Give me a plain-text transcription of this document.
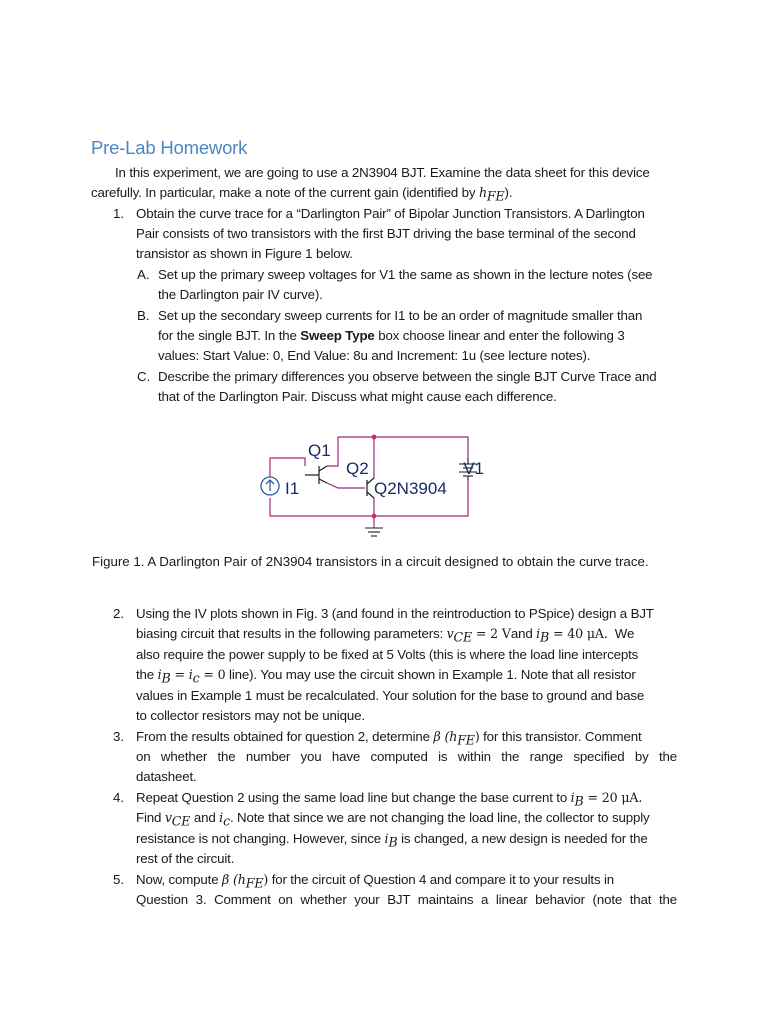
Pre-Lab Homework
In this experiment, we are going to use a 2N3904 BJT. Examine the data sheet for this device
carefully. In particular, make a note of the current gain (identified by $h_{FE}$).
1. Obtain the curve trace for a “Darlington Pair” of Bipolar Junction Transistors. A Darlington
Pair consists of two transistors with the first BJT driving the base terminal of the second
transistor as shown in Figure 1 below.
A. Set up the primary sweep voltages for V1 the same as shown in the lecture notes (see
the Darlington pair IV curve).
B. Set up the secondary sweep currents for I1 to be an order of magnitude smaller than
for the single BJT. In the Sweep Type box choose linear and enter the following 3
values: Start Value: 0, End Value: 8u and Increment: 1u (see lecture notes).
C. Describe the primary differences you observe between the single BJT Curve Trace and
that of the Darlington Pair. Discuss what might cause each difference.
Q1
Q2
Q2N3904
I1
V1
Figure 1. A Darlington Pair of 2N3904 transistors in a circuit designed to obtain the curve trace.
2. Using the IV plots shown in Fig. 3 (and found in the reintroduction to PSpice) design a BJT
biasing circuit that results in the following parameters: $v_{CE} = 2$ Vand $i_B = 40$ μA. We
also require the power supply to be fixed at 5 Volts (this is where the load line intercepts
the $i_B = i_c = 0$ line). You may use the circuit shown in Example 1. Note that all resistor
values in Example 1 must be recalculated. Your solution for the base to ground and base
to collector resistors may not be unique.
3. From the results obtained for question 2, determine β $(h_{FE})$ for this transistor. Comment
on whether the number you have computed is within the range specified by the
datasheet.
4. Repeat Question 2 using the same load line but change the base current to $i_B = 20$ μA.
Find $v_{CE}$ and $i_c$. Note that since we are not changing the load line, the collector to supply
resistance is not changing. However, since $i_B$ is changed, a new design is needed for the
rest of the circuit.
5. Now, compute β $(h_{FE})$ for the circuit of Question 4 and compare it to your results in
Question 3. Comment on whether your BJT maintains a linear behavior (note that the
